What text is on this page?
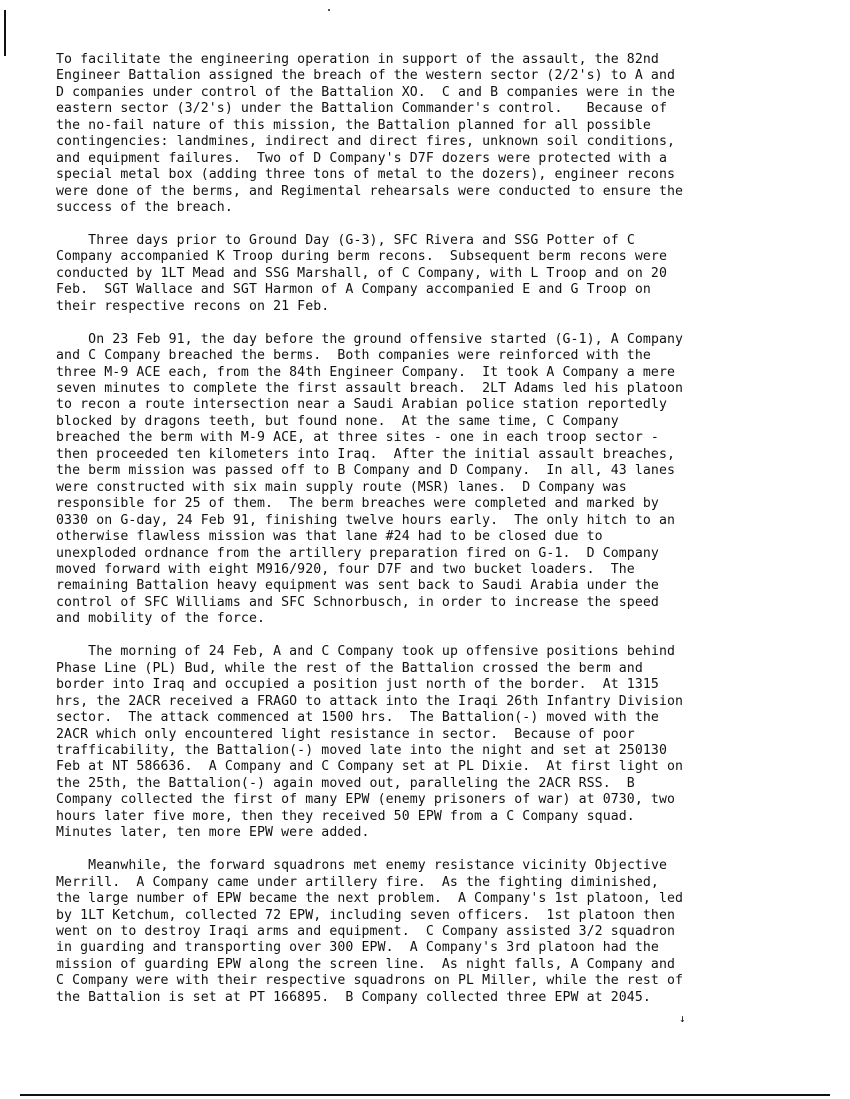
To facilitate the engineering operation in support of the assault, the 82nd
Engineer Battalion assigned the breach of the western sector (2/2's) to A and
D companies under control of the Battalion XO.  C and B companies were in the
eastern sector (3/2's) under the Battalion Commander's control.   Because of
the no-fail nature of this mission, the Battalion planned for all possible
contingencies: landmines, indirect and direct fires, unknown soil conditions,
and equipment failures.  Two of D Company's D7F dozers were protected with a
special metal box (adding three tons of metal to the dozers), engineer recons
were done of the berms, and Regimental rehearsals were conducted to ensure the
success of the breach.

Three days prior to Ground Day (G-3), SFC Rivera and SSG Potter of C
Company accompanied K Troop during berm recons.  Subsequent berm recons were
conducted by 1LT Mead and SSG Marshall, of C Company, with L Troop and on 20
Feb.  SGT Wallace and SGT Harmon of A Company accompanied E and G Troop on
their respective recons on 21 Feb.

On 23 Feb 91, the day before the ground offensive started (G-1), A Company
and C Company breached the berms.  Both companies were reinforced with the
three M-9 ACE each, from the 84th Engineer Company.  It took A Company a mere
seven minutes to complete the first assault breach.  2LT Adams led his platoon
to recon a route intersection near a Saudi Arabian police station reportedly
blocked by dragons teeth, but found none.  At the same time, C Company
breached the berm with M-9 ACE, at three sites - one in each troop sector -
then proceeded ten kilometers into Iraq.  After the initial assault breaches,
the berm mission was passed off to B Company and D Company.  In all, 43 lanes
were constructed with six main supply route (MSR) lanes.  D Company was
responsible for 25 of them.  The berm breaches were completed and marked by
0330 on G-day, 24 Feb 91, finishing twelve hours early.  The only hitch to an
otherwise flawless mission was that lane #24 had to be closed due to
unexploded ordnance from the artillery preparation fired on G-1.  D Company
moved forward with eight M916/920, four D7F and two bucket loaders.  The
remaining Battalion heavy equipment was sent back to Saudi Arabia under the
control of SFC Williams and SFC Schnorbusch, in order to increase the speed
and mobility of the force.

The morning of 24 Feb, A and C Company took up offensive positions behind
Phase Line (PL) Bud, while the rest of the Battalion crossed the berm and
border into Iraq and occupied a position just north of the border.  At 1315
hrs, the 2ACR received a FRAGO to attack into the Iraqi 26th Infantry Division
sector.  The attack commenced at 1500 hrs.  The Battalion(-) moved with the
2ACR which only encountered light resistance in sector.  Because of poor
trafficability, the Battalion(-) moved late into the night and set at 250130
Feb at NT 586636.  A Company and C Company set at PL Dixie.  At first light on
the 25th, the Battalion(-) again moved out, paralleling the 2ACR RSS.  B
Company collected the first of many EPW (enemy prisoners of war) at 0730, two
hours later five more, then they received 50 EPW from a C Company squad.
Minutes later, ten more EPW were added.

Meanwhile, the forward squadrons met enemy resistance vicinity Objective
Merrill.  A Company came under artillery fire.  As the fighting diminished,
the large number of EPW became the next problem.  A Company's 1st platoon, led
by 1LT Ketchum, collected 72 EPW, including seven officers.  1st platoon then
went on to destroy Iraqi arms and equipment.  C Company assisted 3/2 squadron
in guarding and transporting over 300 EPW.  A Company's 3rd platoon had the
mission of guarding EPW along the screen line.  As night falls, A Company and
C Company were with their respective squadrons on PL Miller, while the rest of
the Battalion is set at PT 166895.  B Company collected three EPW at 2045.

↓
